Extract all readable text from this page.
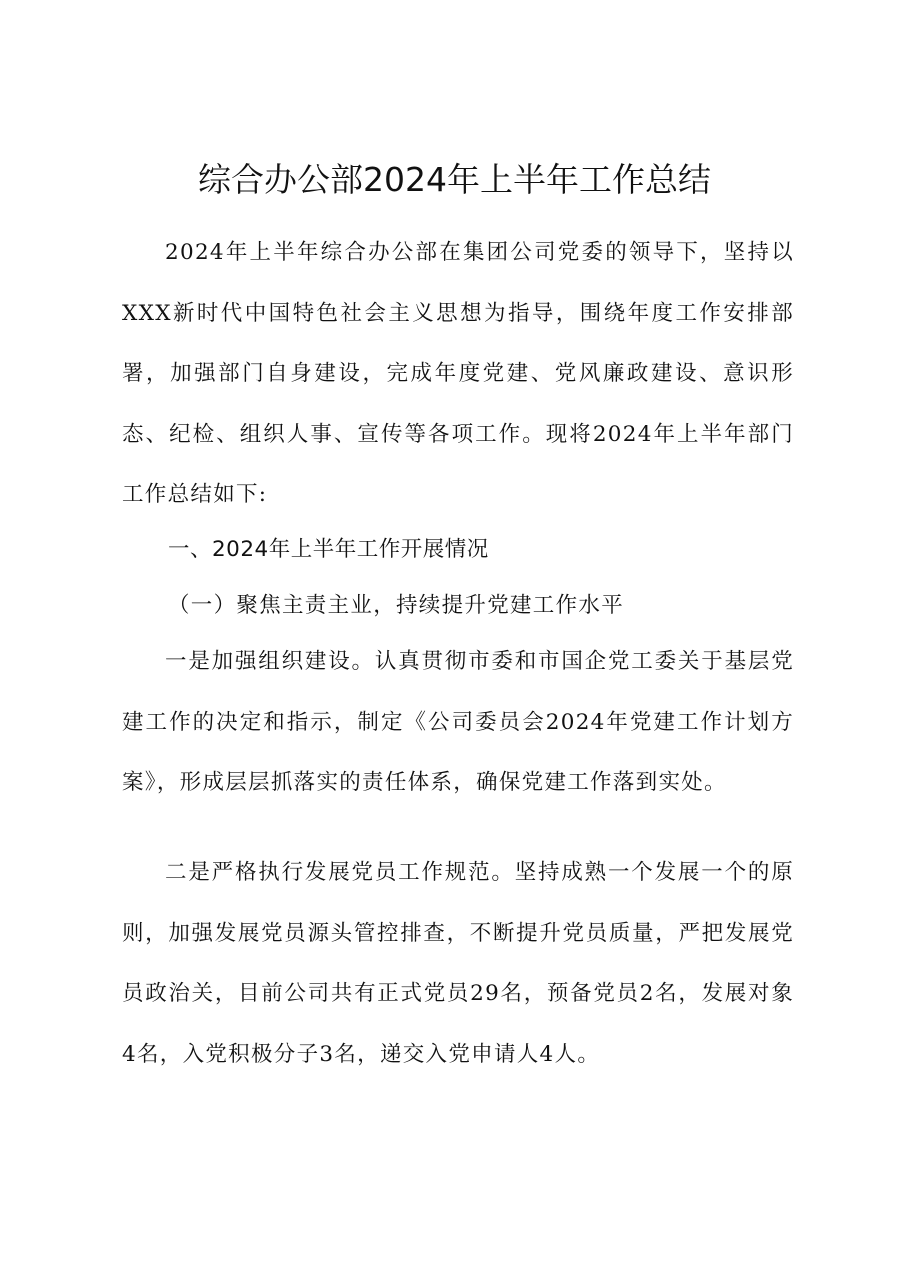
综合办公部2024年上半年工作总结

2024年上半年综合办公部在集团公司党委的领导下，坚持以XXX新时代中国特色社会主义思想为指导，围绕年度工作安排部署，加强部门自身建设，完成年度党建、党风廉政建设、意识形态、纪检、组织人事、宣传等各项工作。现将2024年上半年部门工作总结如下:

一、2024年上半年工作开展情况
（一）聚焦主责主业，持续提升党建工作水平

一是加强组织建设。认真贯彻市委和市国企党工委关于基层党建工作的决定和指示，制定《公司委员会2024年党建工作计划方案》，形成层层抓落实的责任体系，确保党建工作落到实处。

二是严格执行发展党员工作规范。坚持成熟一个发展一个的原则，加强发展党员源头管控排查，不断提升党员质量，严把发展党员政治关，目前公司共有正式党员29名，预备党员2名，发展对象4名，入党积极分子3名，递交入党申请人4人。
